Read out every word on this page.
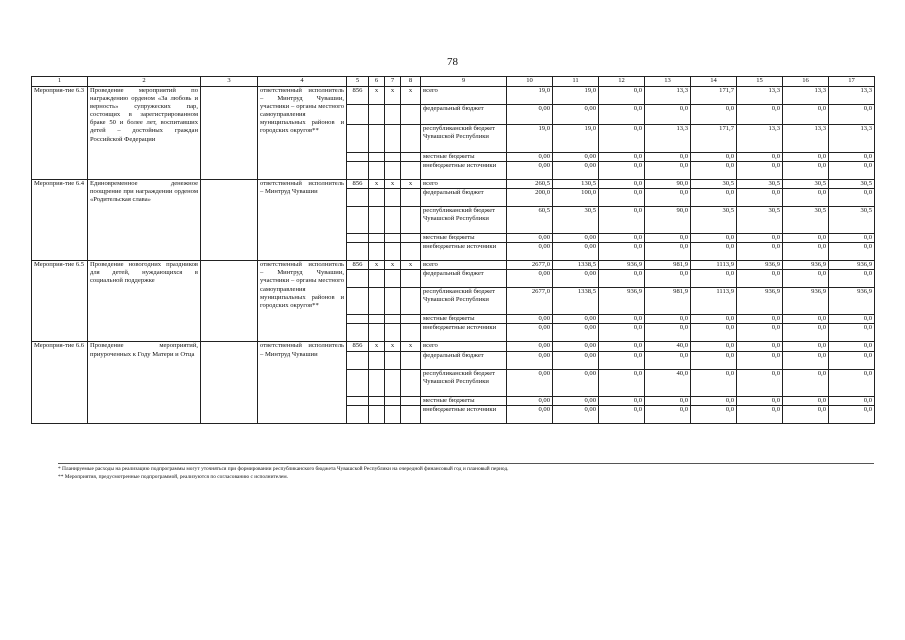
78
1	2	3	4	5	6	7	8	9	10	11	12	13	14	15	16	17
Мероприя-тие 6.3	Проведение мероприятий по награждению орденом «За любовь и верность» супружеских пар, состоящих в зарегистрированном браке 50 и более лет, воспитавших детей – достойных граждан Российской Федерации		ответственный исполнитель – Минтруд Чувашии, участники – органы местного самоуправления муниципальных районов и городских округов**	856	x	x	x	всего	19,0	19,0	0,0	13,3	171,7	13,3	13,3	13,3
								федеральный бюджет	0,00	0,00	0,0	0,0	0,0	0,0	0,0	0,0
								республиканский бюджет Чувашской Республики	19,0	19,0	0,0	13,3	171,7	13,3	13,3	13,3
								местные бюджеты	0,00	0,00	0,0	0,0	0,0	0,0	0,0	0,0
								внебюджетные источники	0,00	0,00	0,0	0,0	0,0	0,0	0,0	0,0
Мероприя-тие 6.4	Единовременное денежное поощрение при награждении орденом «Родительская слава»		ответственный исполнитель – Минтруд Чувашии	856	x	x	x	всего	260,5	130,5	0,0	90,0	30,5	30,5	30,5	30,5
								федеральный бюджет	200,0	100,0	0,0	0,0	0,0	0,0	0,0	0,0
								республиканский бюджет Чувашской Республики	60,5	30,5	0,0	90,0	30,5	30,5	30,5	30,5
								местные бюджеты	0,00	0,00	0,0	0,0	0,0	0,0	0,0	0,0
								внебюджетные источники	0,00	0,00	0,0	0,0	0,0	0,0	0,0	0,0
Мероприя-тие 6.5	Проведение новогодних праздников для детей, нуждающихся в социальной поддержке		ответственный исполнитель – Минтруд Чувашии, участники – органы местного самоуправления муниципальных районов и городских округов**	856	x	x	x	всего	2677,0	1338,5	936,9	981,9	1113,9	936,9	936,9	936,9
								федеральный бюджет	0,00	0,00	0,0	0,0	0,0	0,0	0,0	0,0
								республиканский бюджет Чувашской Республики	2677,0	1338,5	936,9	981,9	1113,9	936,9	936,9	936,9
								местные бюджеты	0,00	0,00	0,0	0,0	0,0	0,0	0,0	0,0
								внебюджетные источники	0,00	0,00	0,0	0,0	0,0	0,0	0,0	0,0
Мероприя-тие 6.6	Проведение мероприятий, приуроченных к Году Матери и Отца		ответственный исполнитель – Минтруд Чувашии	856	x	x	x	всего	0,00	0,00	0,0	40,0	0,0	0,0	0,0	0,0
								федеральный бюджет	0,00	0,00	0,0	0,0	0,0	0,0	0,0	0,0
								республиканский бюджет Чувашской Республики	0,00	0,00	0,0	40,0	0,0	0,0	0,0	0,0
								местные бюджеты	0,00	0,00	0,0	0,0	0,0	0,0	0,0	0,0
								внебюджетные источники	0,00	0,00	0,0	0,0	0,0	0,0	0,0	0,0
* Планируемые расходы на реализацию подпрограммы могут уточняться при формировании республиканского бюджета Чувашской Республики на очередной финансовый год и плановый период.
** Мероприятия, предусмотренные подпрограммой, реализуются по согласованию с исполнителем.
